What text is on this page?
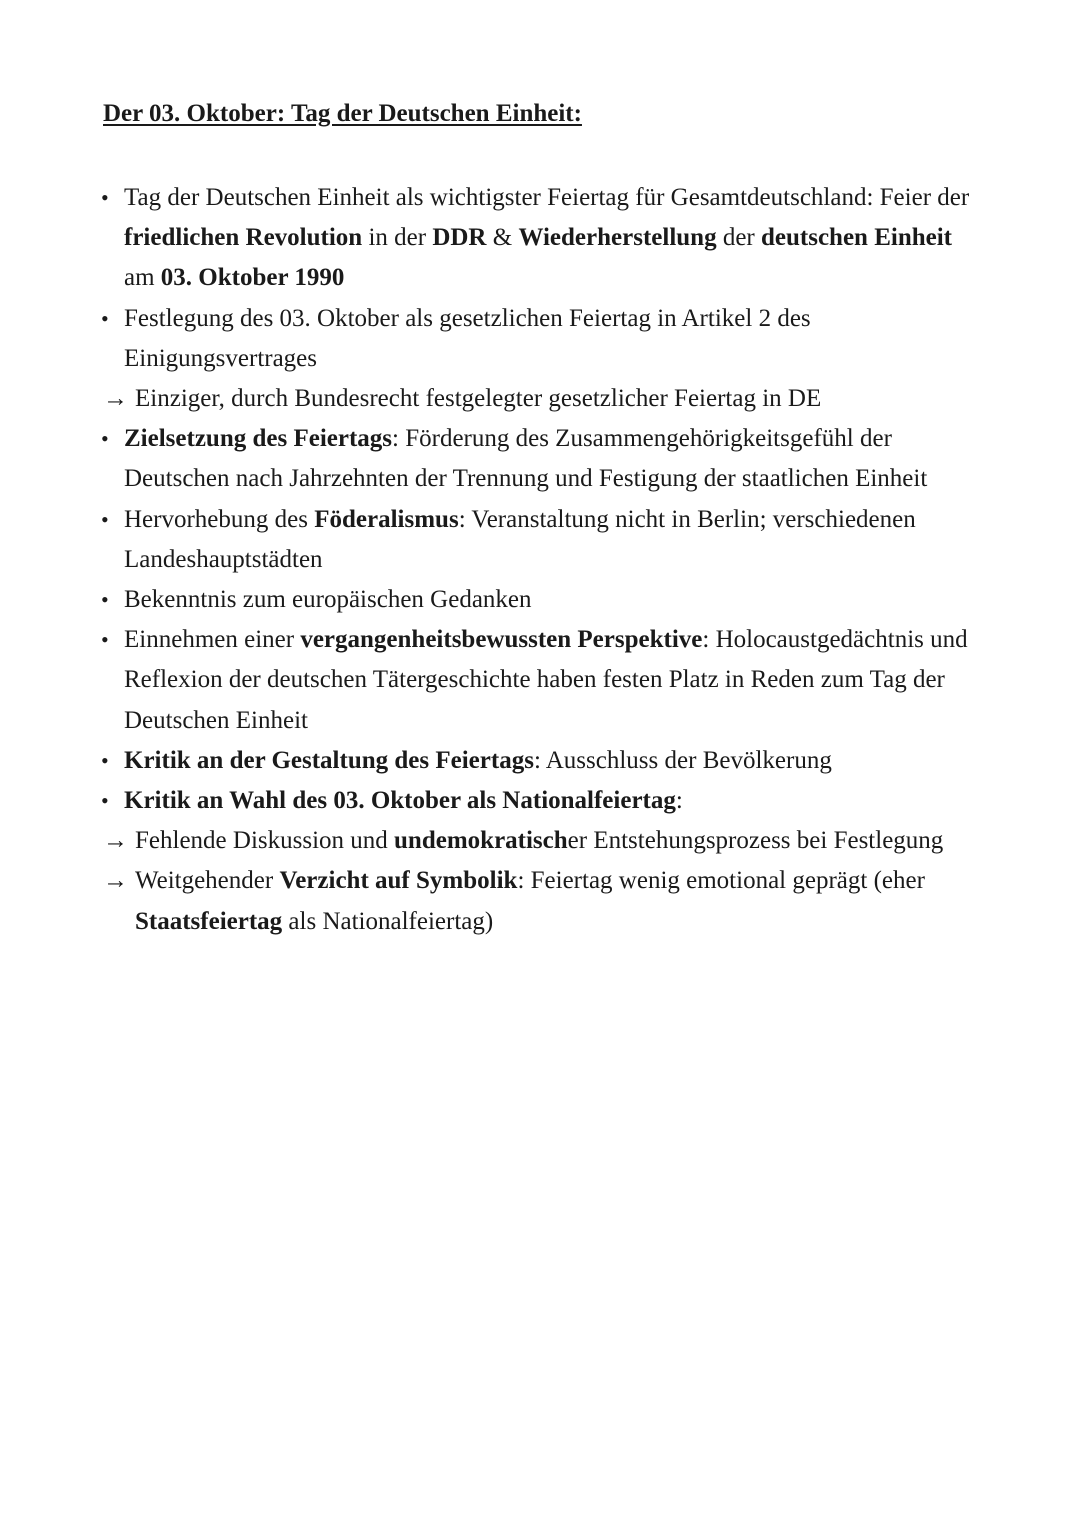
Der 03. Oktober: Tag der Deutschen Einheit:
• Tag der Deutschen Einheit als wichtigster Feiertag für Gesamtdeutschland: Feier der friedlichen Revolution in der DDR & Wiederherstellung der deutschen Einheit am 03. Oktober 1990
• Festlegung des 03. Oktober als gesetzlichen Feiertag in Artikel 2 des Einigungsvertrages
→ Einziger, durch Bundesrecht festgelegter gesetzlicher Feiertag in DE
• Zielsetzung des Feiertags: Förderung des Zusammengehörigkeitsgefühl der Deutschen nach Jahrzehnten der Trennung und Festigung der staatlichen Einheit
• Hervorhebung des Föderalismus: Veranstaltung nicht in Berlin; verschiedenen Landeshauptstädten
• Bekenntnis zum europäischen Gedanken
• Einnehmen einer vergangenheitsbewussten Perspektive: Holocaustgedächtnis und Reflexion der deutschen Tätergeschichte haben festen Platz in Reden zum Tag der Deutschen Einheit
• Kritik an der Gestaltung des Feiertags: Ausschluss der Bevölkerung
• Kritik an Wahl des 03. Oktober als Nationalfeiertag:
→ Fehlende Diskussion und undemokratischer Entstehungsprozess bei Festlegung
→ Weitgehender Verzicht auf Symbolik: Feiertag wenig emotional geprägt (eher Staatsfeiertag als Nationalfeiertag)
